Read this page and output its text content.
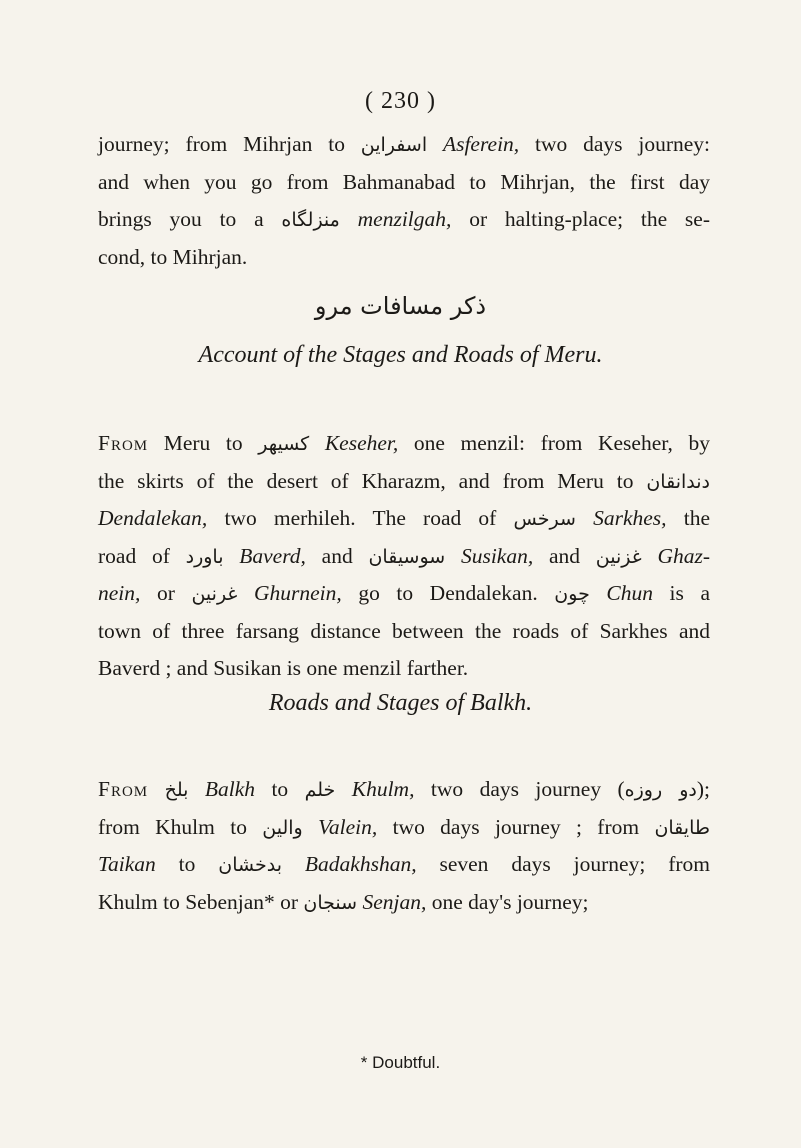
( 230 )
journey; from Mihrjan to اسفراین Asferein, two days journey:
and when you go from Bahmanabad to Mihrjan, the first day
brings you to a منزلگاه menzilgah, or halting-place; the se-
cond, to Mihrjan.
ذکر مسافات مرو
Account of the Stages and Roads of Meru.
From Meru to کسیهر Keseher, one menzil: from Keseher, by
the skirts of the desert of Kharazm, and from Meru to دندانقان
Dendalekan, two merhileh. The road of سرخس Sarkhes, the
road of باورد Baverd, and سوسیقان Susikan, and غزنین Ghaz-
nein, or غرنین Ghurnein, go to Dendalekan. چون Chun is a
town of three farsang distance between the roads of Sarkhes and
Baverd ; and Susikan is one menzil farther.
Roads and Stages of Balkh.
From بلخ Balkh to خلم Khulm, two days journey (دو روزه);
from Khulm to والین Valein, two days journey ; from طایقان
Taikan to بدخشان Badakhshan, seven days journey; from
Khulm to Sebenjan* or سنجان Senjan, one day's journey;
* Doubtful.
